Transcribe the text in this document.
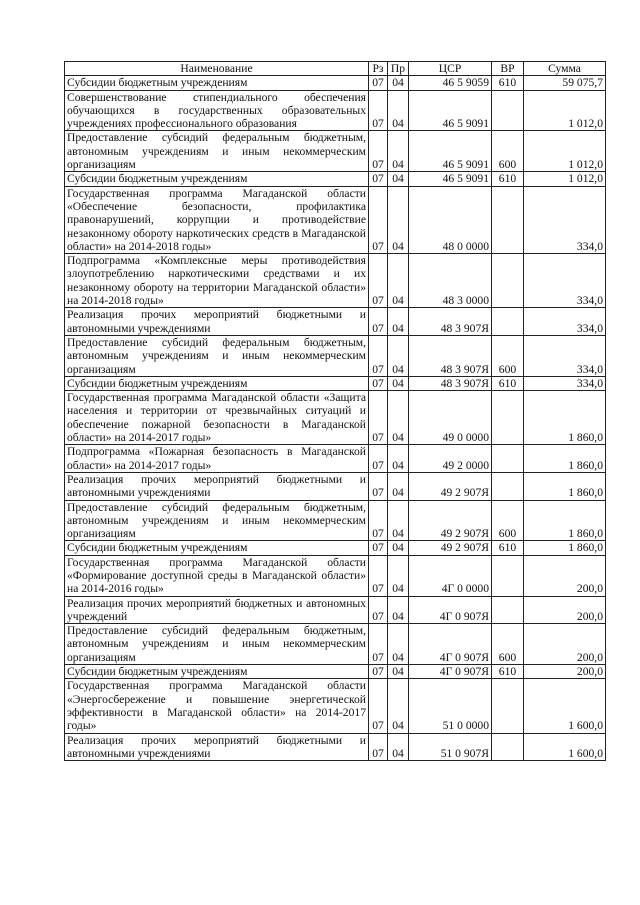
Наименование	Рз	Пр	ЦСР	ВР	Сумма
Субсидии бюджетным учреждениям	07	04	46 5 9059	610	59 075,7
Совершенствование стипендиального обеспечения обучающихся в государственных образовательных учреждениях профессионального образования	07	04	46 5 9091		1 012,0
Предоставление субсидий федеральным бюджетным, автономным учреждениям и иным некоммерческим организациям	07	04	46 5 9091	600	1 012,0
Субсидии бюджетным учреждениям	07	04	46 5 9091	610	1 012,0
Государственная программа Магаданской области «Обеспечение безопасности, профилактика правонарушений, коррупции и противодействие незаконному обороту наркотических средств в Магаданской области» на 2014-2018 годы»	07	04	48 0 0000		334,0
Подпрограмма «Комплексные меры противодействия злоупотреблению наркотическими средствами и их незаконному обороту на территории Магаданской области» на 2014-2018 годы»	07	04	48 3 0000		334,0
Реализация прочих мероприятий бюджетными и автономными учреждениями	07	04	48 3 907Я		334,0
Предоставление субсидий федеральным бюджетным, автономным учреждениям и иным некоммерческим организациям	07	04	48 3 907Я	600	334,0
Субсидии бюджетным учреждениям	07	04	48 3 907Я	610	334,0
Государственная программа Магаданской области «Защита населения и территории от чрезвычайных ситуаций и обеспечение пожарной безопасности в Магаданской области» на 2014-2017 годы»	07	04	49 0 0000		1 860,0
Подпрограмма «Пожарная безопасность в Магаданской области» на 2014-2017 годы»	07	04	49 2 0000		1 860,0
Реализация прочих мероприятий бюджетными и автономными учреждениями	07	04	49 2 907Я		1 860,0
Предоставление субсидий федеральным бюджетным, автономным учреждениям и иным некоммерческим организациям	07	04	49 2 907Я	600	1 860,0
Субсидии бюджетным учреждениям	07	04	49 2 907Я	610	1 860,0
Государственная программа Магаданской области «Формирование доступной среды в Магаданской области» на 2014-2016 годы»	07	04	4Г 0 0000		200,0
Реализация прочих мероприятий бюджетных и автономных учреждений	07	04	4Г 0 907Я		200,0
Предоставление субсидий федеральным бюджетным, автономным учреждениям и иным некоммерческим организациям	07	04	4Г 0 907Я	600	200,0
Субсидии бюджетным учреждениям	07	04	4Г 0 907Я	610	200,0
Государственная программа Магаданской области «Энергосбережение и повышение энергетической эффективности в Магаданской области» на 2014-2017 годы»	07	04	51 0 0000		1 600,0
Реализация прочих мероприятий бюджетными и автономными учреждениями	07	04	51 0 907Я		1 600,0
